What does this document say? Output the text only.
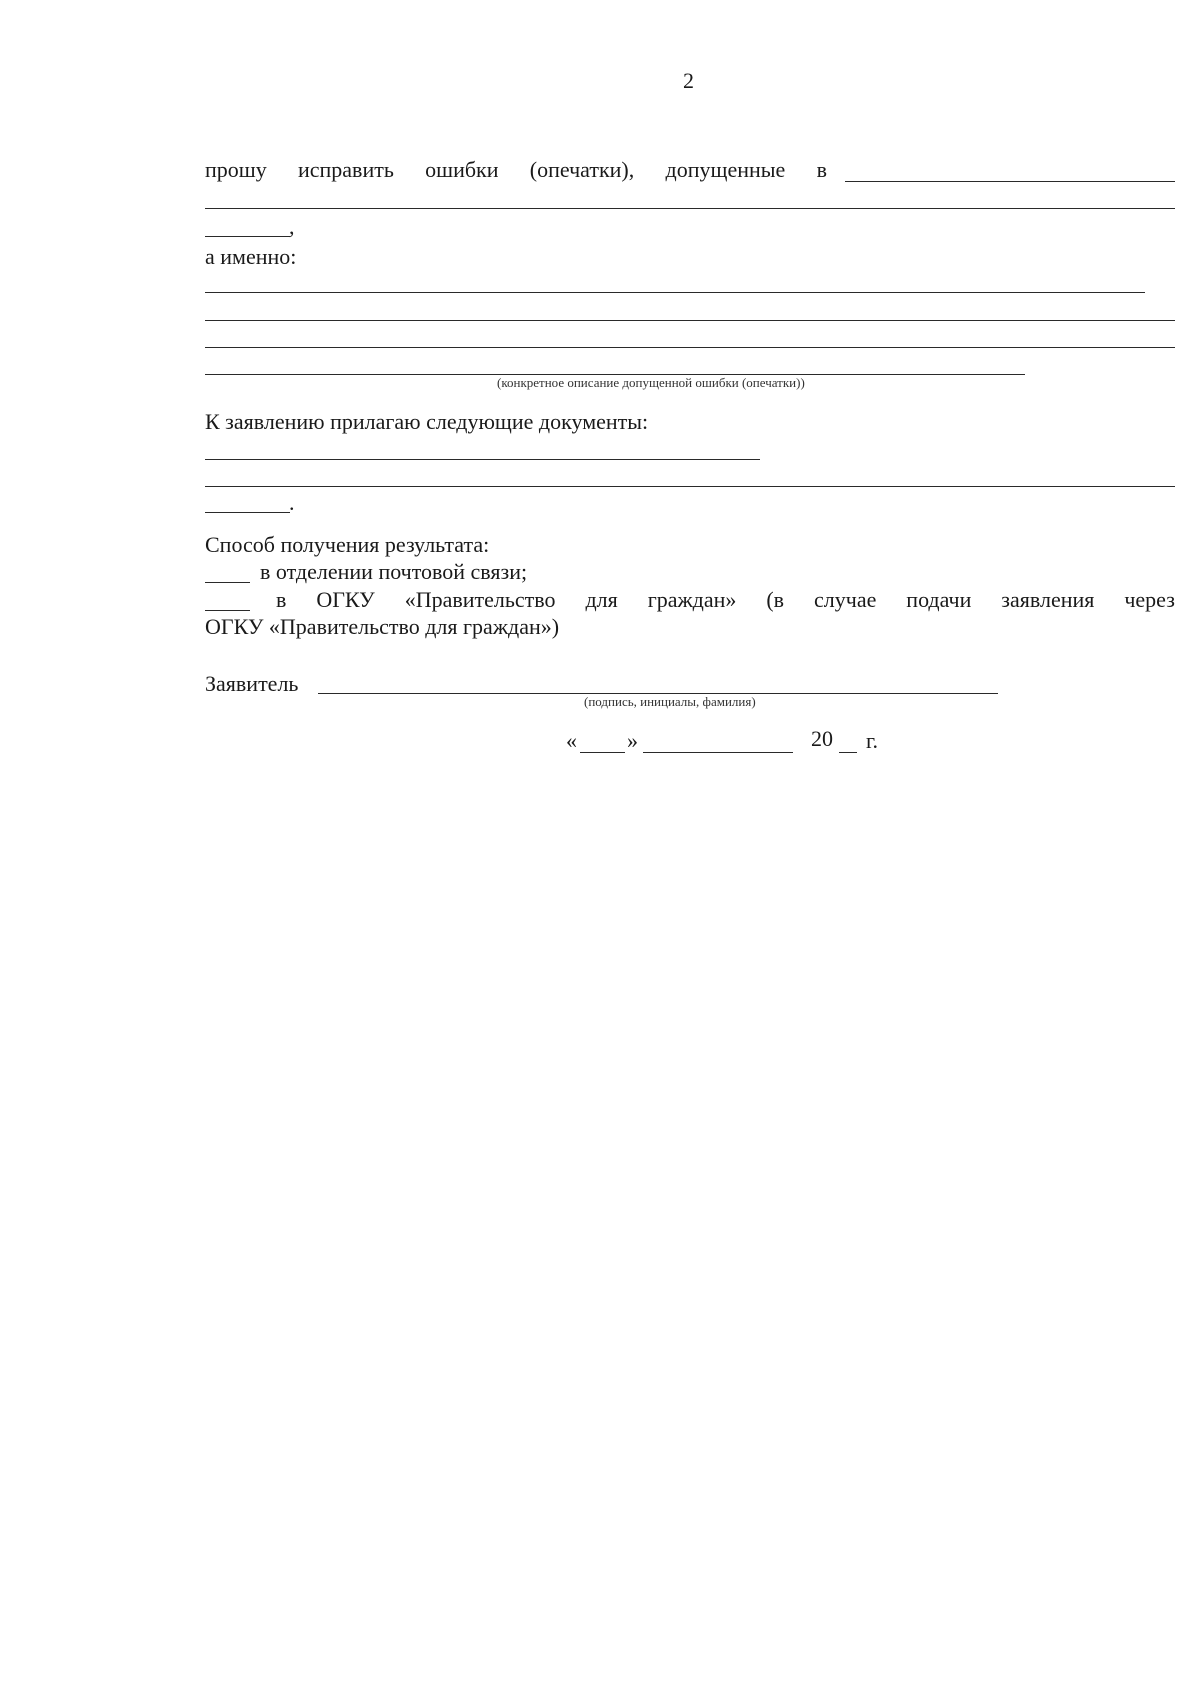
2
прошу исправить ошибки (опечатки), допущенные в
,
а именно:
(конкретное описание допущенной ошибки (опечатки))
К заявлению прилагаю следующие документы:
.
Способ получения результата:
в отделении почтовой связи;
в ОГКУ «Правительство для граждан» (в случае подачи заявления через
ОГКУ «Правительство для граждан»)
Заявитель
(подпись, инициалы, фамилия)
« »	20 г.
